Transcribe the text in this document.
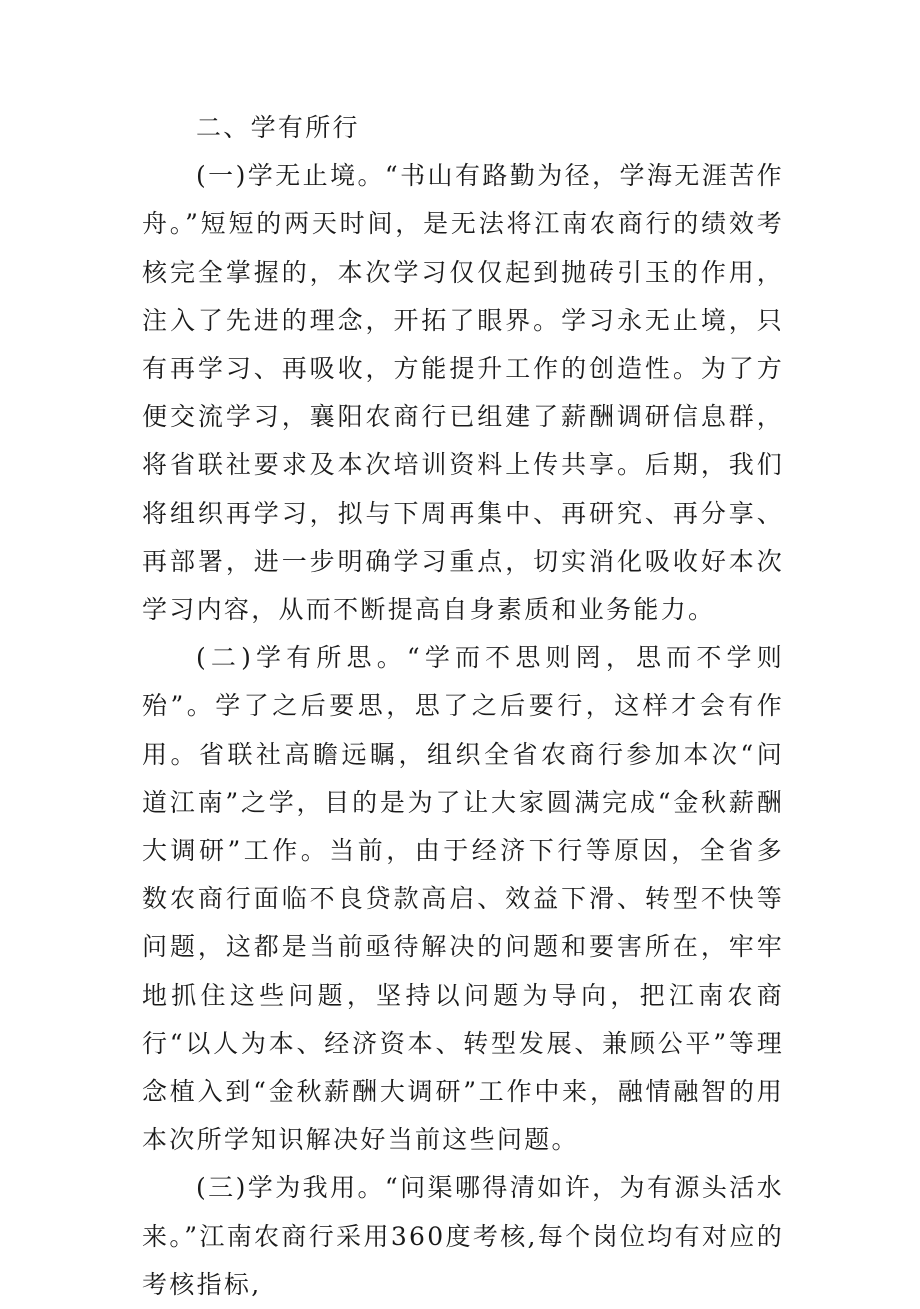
二、学有所行

(一)学无止境。“书山有路勤为径，学海无涯苦作舟。”短短的两天时间，是无法将江南农商行的绩效考核完全掌握的，本次学习仅仅起到抛砖引玉的作用，注入了先进的理念，开拓了眼界。学习永无止境，只有再学习、再吸收，方能提升工作的创造性。为了方便交流学习，襄阳农商行已组建了薪酬调研信息群，将省联社要求及本次培训资料上传共享。后期，我们将组织再学习，拟与下周再集中、再研究、再分享、再部署，进一步明确学习重点，切实消化吸收好本次学习内容，从而不断提高自身素质和业务能力。

(二)学有所思。“学而不思则罔，思而不学则殆”。学了之后要思，思了之后要行，这样才会有作用。省联社高瞻远瞩，组织全省农商行参加本次“问道江南”之学，目的是为了让大家圆满完成“金秋薪酬大调研”工作。当前，由于经济下行等原因，全省多数农商行面临不良贷款高启、效益下滑、转型不快等问题，这都是当前亟待解决的问题和要害所在，牢牢地抓住这些问题，坚持以问题为导向，把江南农商行“以人为本、经济资本、转型发展、兼顾公平”等理念植入到“金秋薪酬大调研”工作中来，融情融智的用本次所学知识解决好当前这些问题。

(三)学为我用。“问渠哪得清如许，为有源头活水来。”江南农商行采用360度考核,每个岗位均有对应的考核指标,
